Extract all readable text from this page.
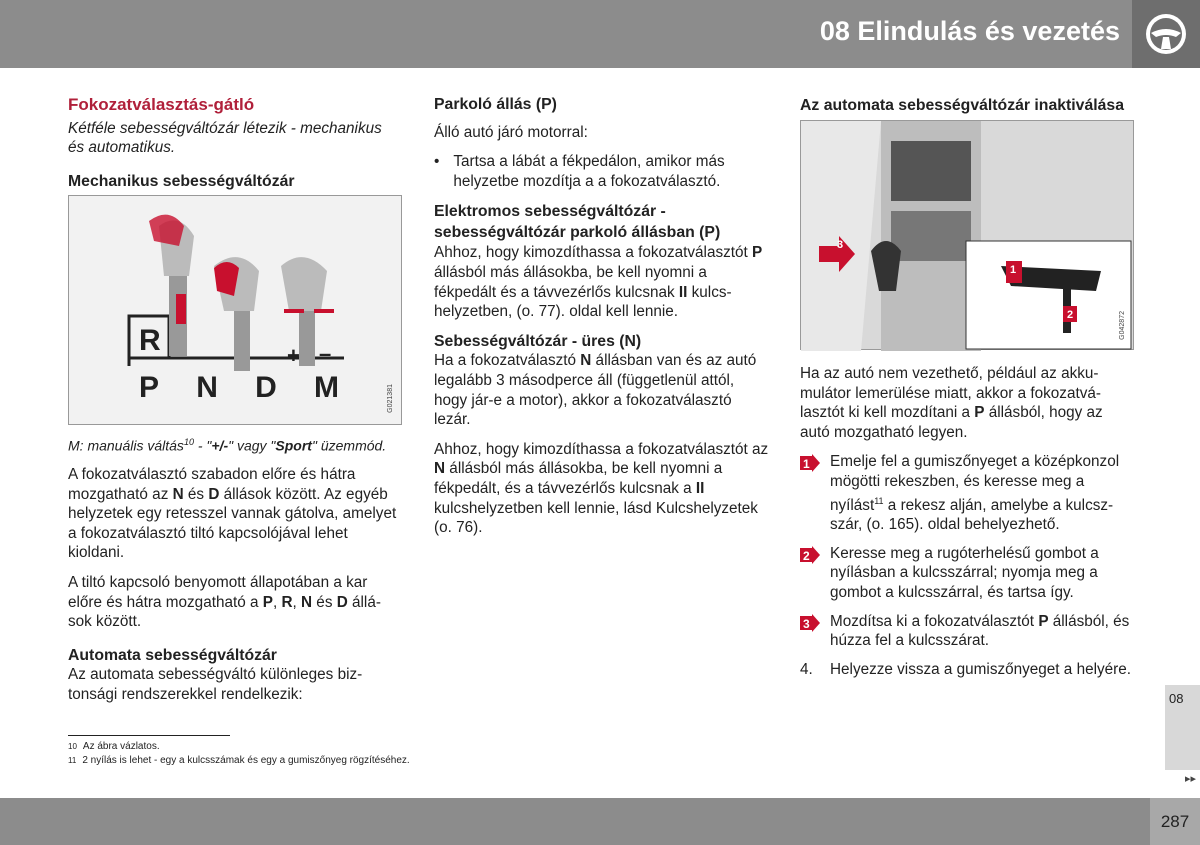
08 Elindulás és vezetés
Fokozatválasztás-gátló

Kétféle sebességváltózár létezik - mechanikus és automatikus.

Mechanikus sebességváltózár
R	+ –
P N D M	G021381

M: manuális váltás$^{10}$ - "+/-" vagy "Sport" üzemmód.

A fokozatválasztó szabadon előre és hátra mozgatható az N és D állások között. Az egyéb helyzetek egy retesszel vannak gátolva, amelyet a fokozatválasztó tiltó kapcsolójával lehet kioldani.

A tiltó kapcsoló benyomott állapotában a kar előre és hátra mozgatható a P, R, N és D állások között.

Automata sebességváltózár

Az automata sebességváltó különleges biztonsági rendszerekkel rendelkezik:

Parkoló állás (P)

Álló autó járó motorral:

• Tartsa a lábát a fékpedálon, amikor más helyzetbe mozdítja a a fokozatválasztó.
Elektromos sebességváltózár - sebességváltózár parkoló állásban (P)

Ahhoz, hogy kimozdíthassa a fokozatválasztót P állásból más állásokba, be kell nyomni a fékpedált és a távvezérlős kulcsnak II kulcshelyzetben, (o. 77). oldal kell lennie.

Sebességváltózár - üres (N)

Ha a fokozatválasztó N állásban van és az autó legalább 3 másodperce áll (függetlenül attól, hogy jár-e a motor), akkor a fokozatválasztó lezár.

Ahhoz, hogy kimozdíthassa a fokozatválasztót az N állásból más állásokba, be kell nyomni a fékpedált, és a távvezérlős kulcsnak a II kulcshelyzetben kell lennie, lásd Kulcshelyzetek (o. 76).

Az automata sebességváltózár inaktiválása
3
1
2	G042872

Ha az autó nem vezethető, például az akkumulátor lemerülése miatt, akkor a fokozatválasztót ki kell mozdítani a P állásból, hogy az autó mozgatható legyen.

1 Emelje fel a gumiszőnyeget a középkonzol mögötti rekeszben, és keresse meg a nyílást$^{11}$ a rekesz alján, amelybe a kulcszszár, (o. 165). oldal behelyezhető.
2 Keresse meg a rugóterhelésű gombot a nyílásban a kulcsszárral; nyomja meg a gombot a kulcsszárral, és tartsa így.
3 Mozdítsa ki a fokozatválasztót P állásból, és húzza fel a kulcsszárat.
4.	Helyezze vissza a gumiszőnyeget a helyére.
10 Az ábra vázlatos.
11 2 nyílás is lehet - egy a kulcsszámak és egy a gumiszőnyeg rögzítéséhez.
08
▸▸
287
